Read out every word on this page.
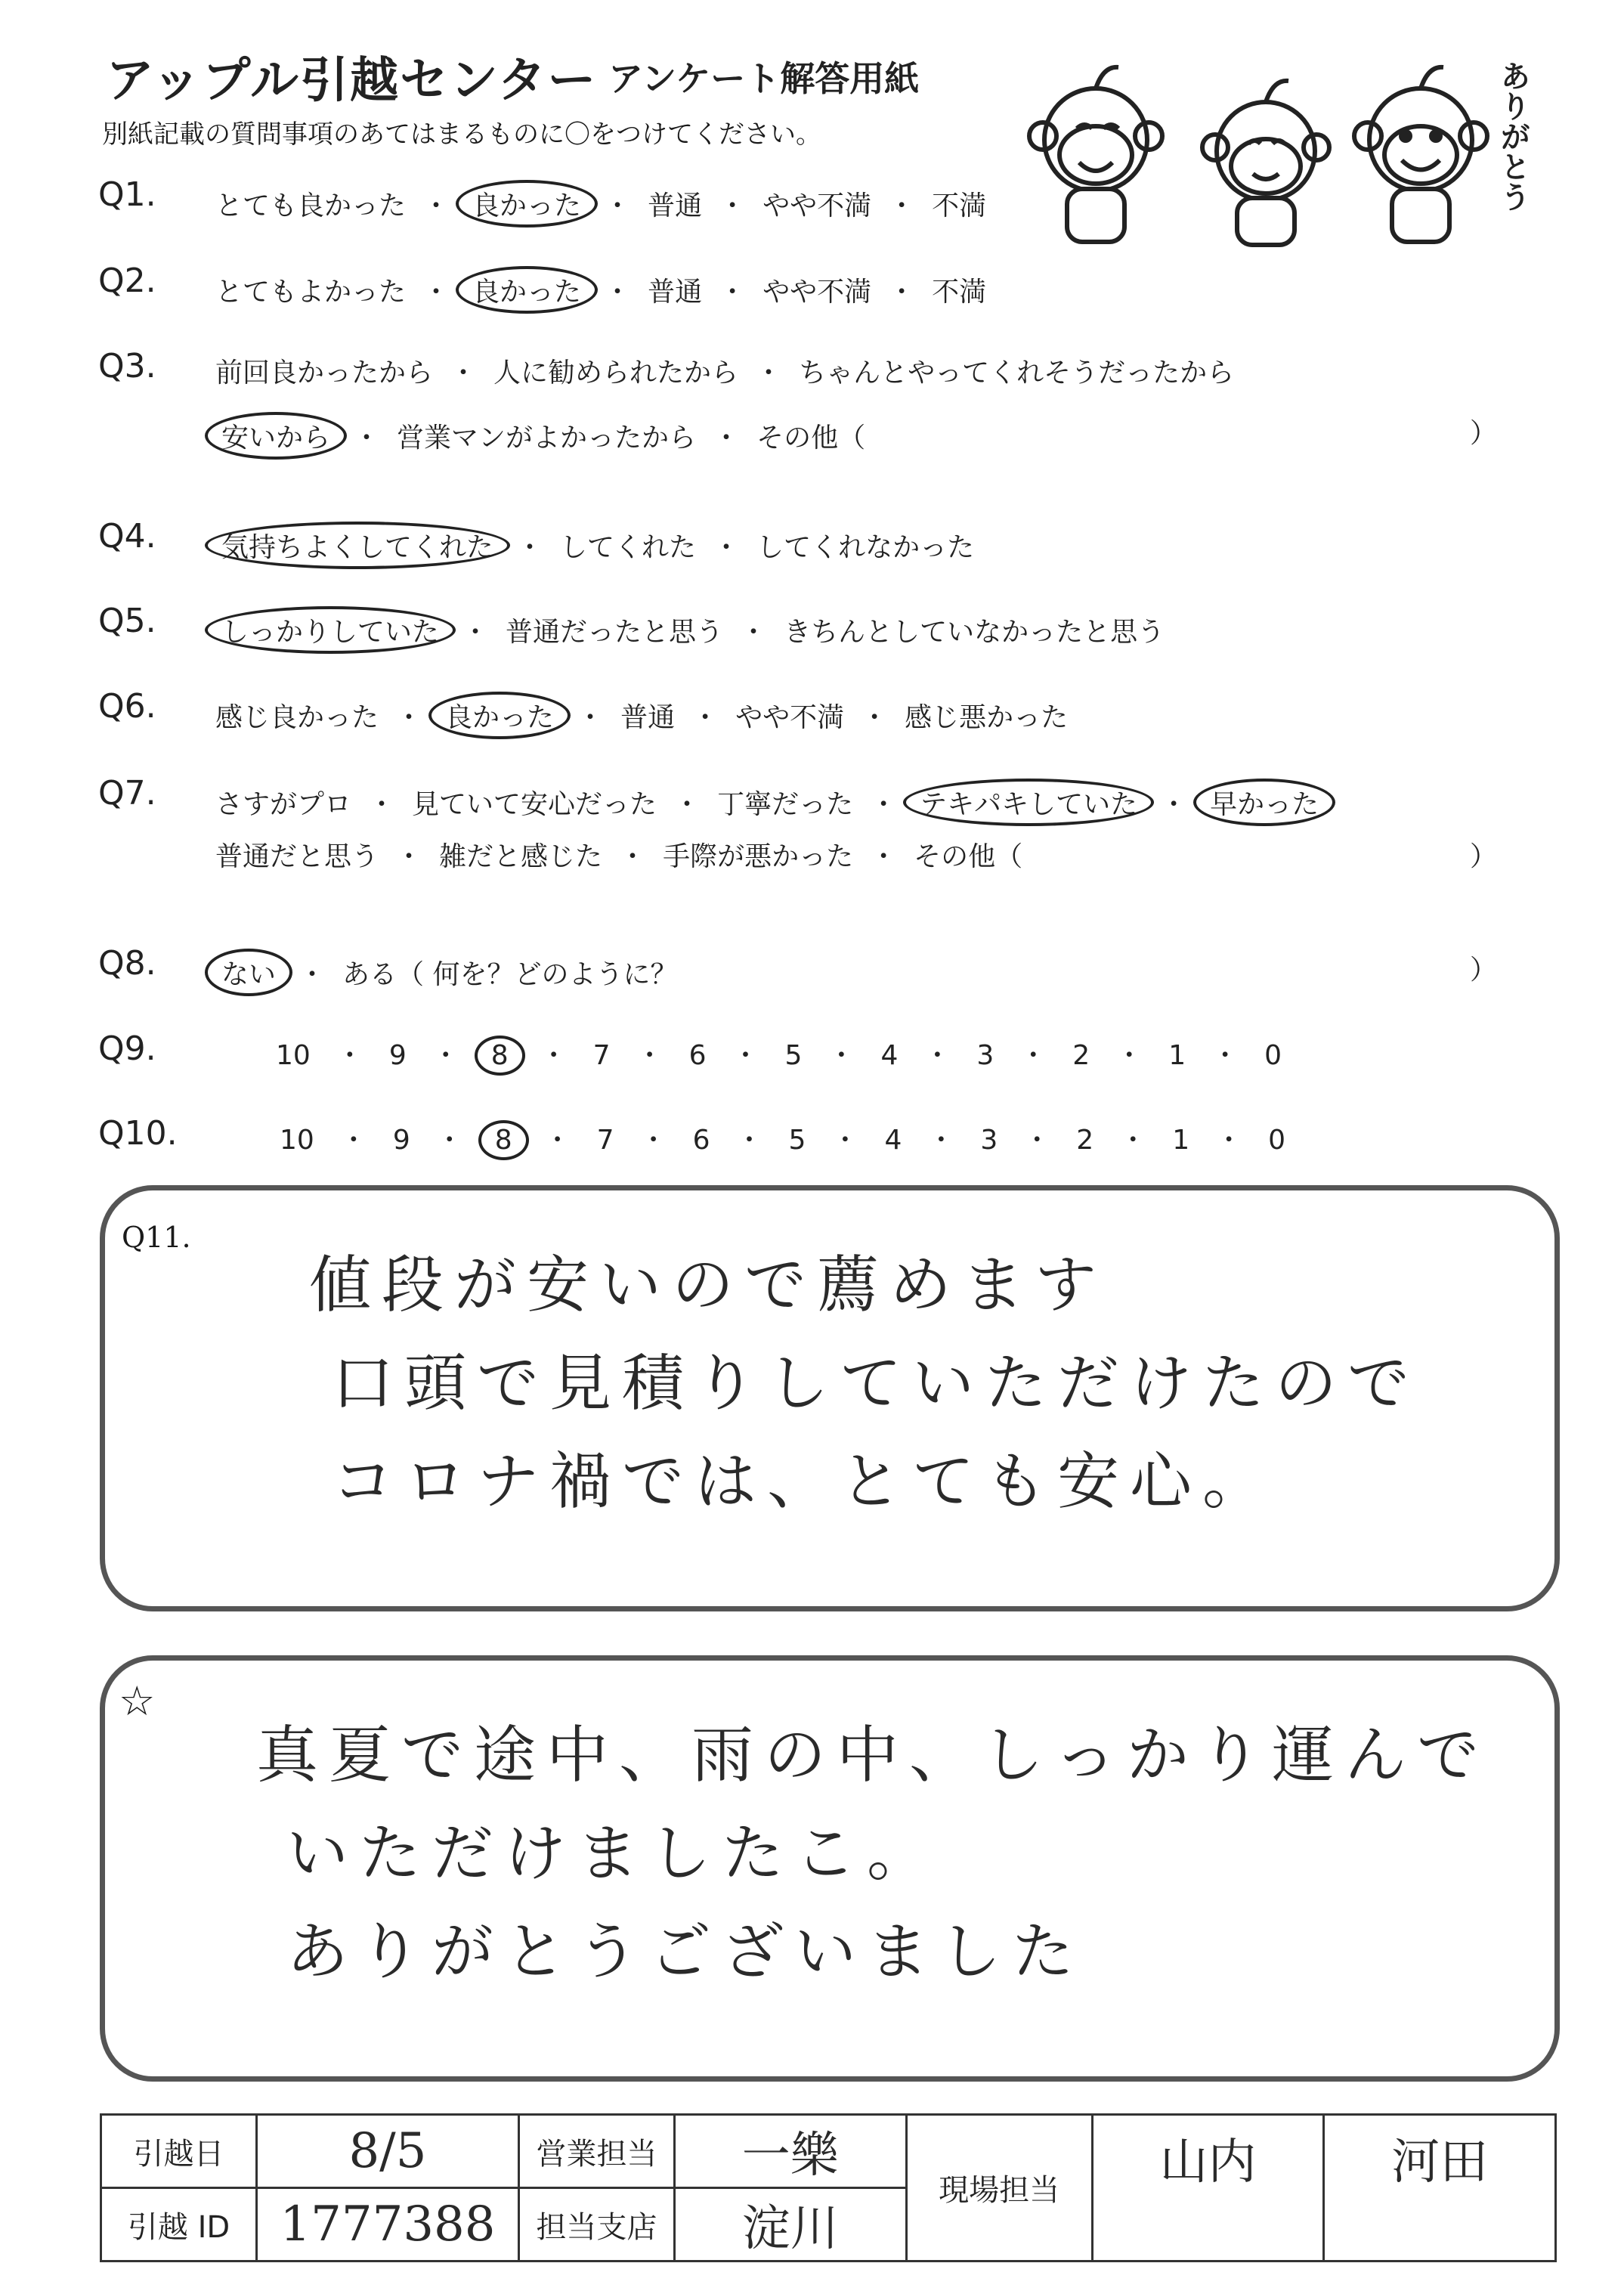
アップル引越センター アンケート解答用紙
別紙記載の質問事項のあてはまるものに〇をつけてください。	ありがとう
Q1. とても良かった ・ 良かった ・ 普通 ・ やや不満 ・ 不満
Q2. とてもよかった ・ 良かった ・ 普通 ・ やや不満 ・ 不満
Q3. 前回良かったから ・ 人に勧められたから ・ ちゃんとやってくれそうだったから
安いから ・ 営業マンがよかったから ・ その他（	）
Q4. 気持ちよくしてくれた ・ してくれた ・ してくれなかった
Q5. しっかりしていた ・ 普通だったと思う ・ きちんとしていなかったと思う
Q6. 感じ良かった ・ 良かった ・ 普通 ・ やや不満 ・ 感じ悪かった
Q7. さすがプロ ・ 見ていて安心だった ・ 丁寧だった ・ テキパキしていた ・ 早かった
普通だと思う ・ 雑だと感じた ・ 手際が悪かった ・ その他（	）
Q8. ない ・ ある（ 何を？どのように？	）
Q9.	10 ・ 9 ・ 8 ・ 7 ・ 6 ・ 5 ・ 4 ・ 3 ・ 2 ・ 1 ・ 0
Q10.	10 ・ 9 ・ 8 ・ 7 ・ 6 ・ 5 ・ 4 ・ 3 ・ 2 ・ 1 ・ 0
Q11.
値段が安いので薦めます
口頭で見積りしていただけたので
コロナ禍では、とても安心。
☆
真夏で途中、雨の中、しっかり運んで
いただけましたこ。
ありがとうございました
引越日	8/5	営業担当	一樂	現場担当	山内	河田
引越 ID	1777388	担当支店	淀川			
